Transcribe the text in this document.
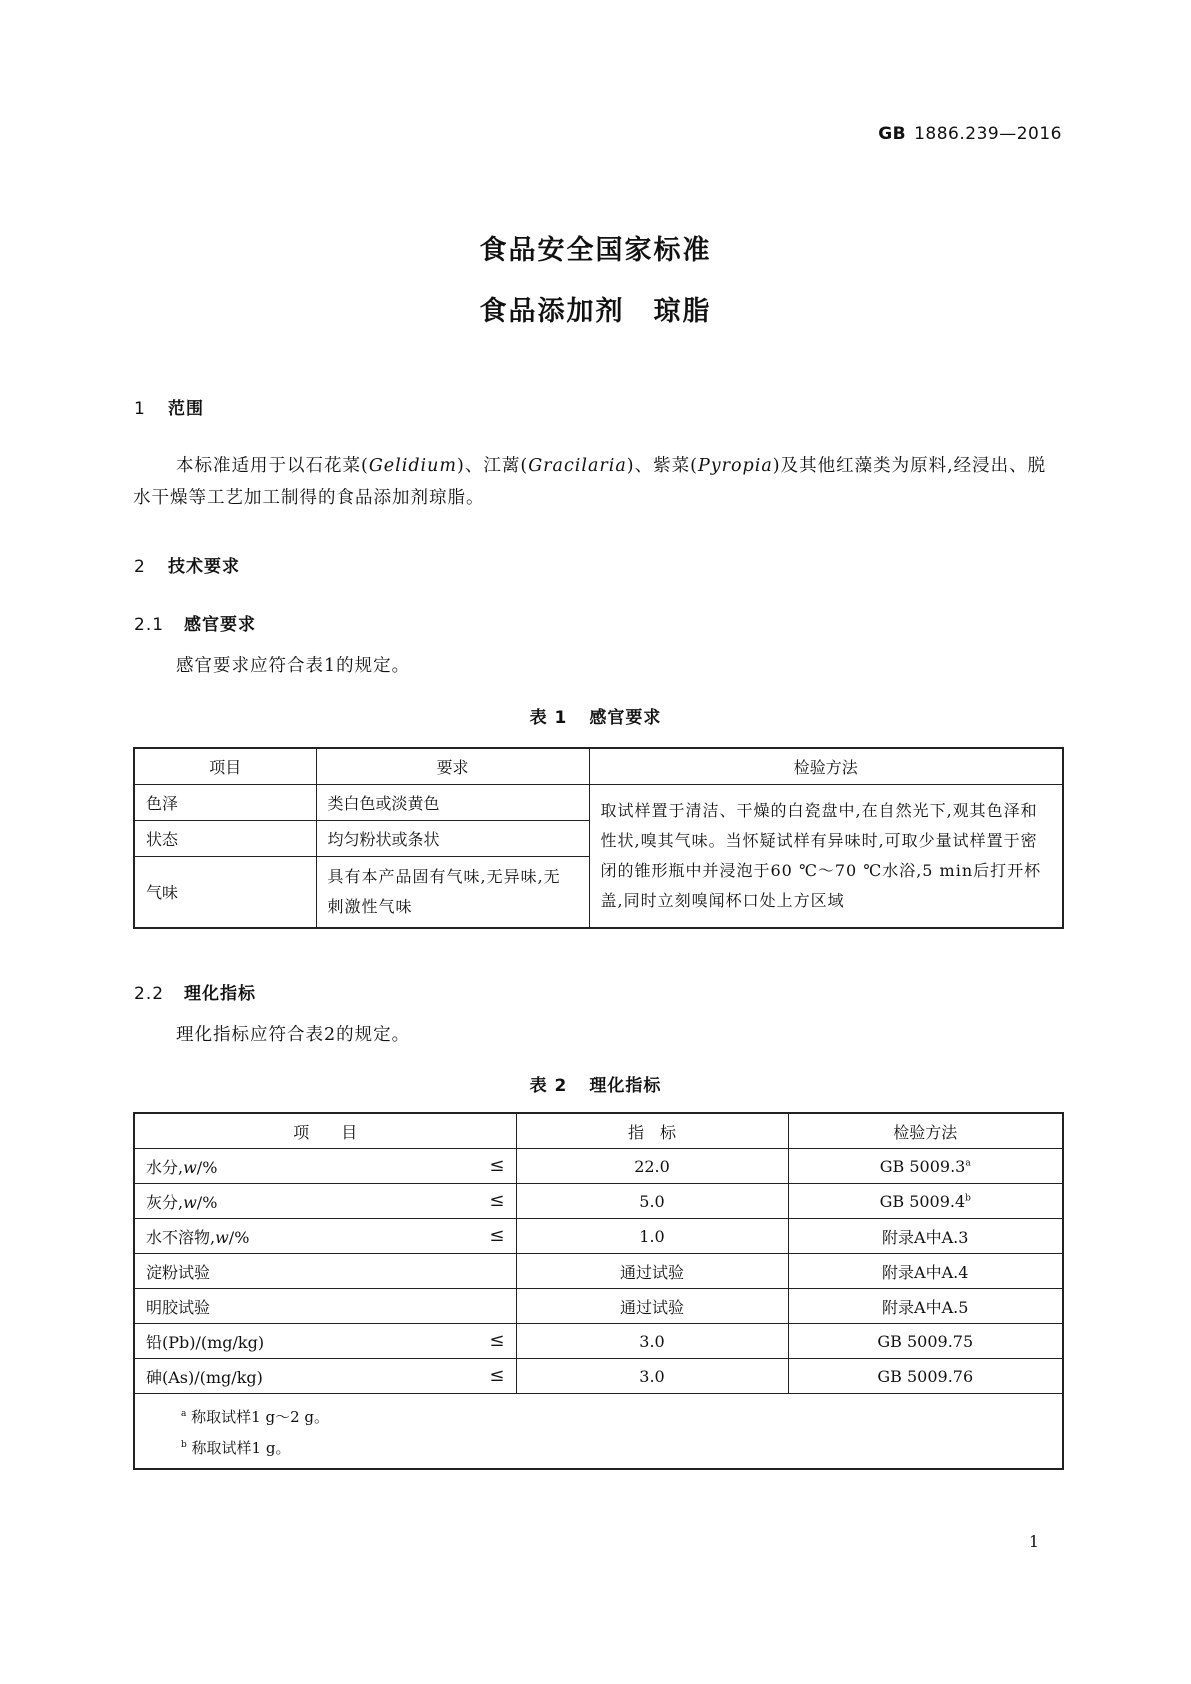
GB 1886.239—2016
食品安全国家标准
食品添加剂　琼脂
1 范围
本标准适用于以石花菜(Gelidium)、江蓠(Gracilaria)、紫菜(Pyropia)及其他红藻类为原料,经浸出、脱水干燥等工艺加工制得的食品添加剂琼脂。
2 技术要求
2.1 感官要求
感官要求应符合表1的规定。
表 1 感官要求
项目	要求	检验方法
色泽	类白色或淡黄色	取试样置于清洁、干燥的白瓷盘中,在自然光下,观其色泽和性状,嗅其气味。当怀疑试样有异味时,可取少量试样置于密闭的锥形瓶中并浸泡于60 ℃～70 ℃水浴,5 min后打开杯盖,同时立刻嗅闻杯口处上方区域
状态	均匀粉状或条状	
气味	具有本产品固有气味,无异味,无刺激性气味	
2.2 理化指标
理化指标应符合表2的规定。
表 2 理化指标
项　　目	指　标	检验方法
水分,w/% ≤	22.0	GB 5009.3$^a$
灰分,w/% ≤	5.0	GB 5009.4$^b$
水不溶物,w/% ≤	1.0	附录A中A.3
淀粉试验	通过试验	附录A中A.4
明胶试验	通过试验	附录A中A.5
铅(Pb)/(mg/kg) ≤	3.0	GB 5009.75
砷(As)/(mg/kg) ≤	3.0	GB 5009.76

$^a$ 称取试样1 g～2 g。
$^b$ 称取试样1 g。		
1
